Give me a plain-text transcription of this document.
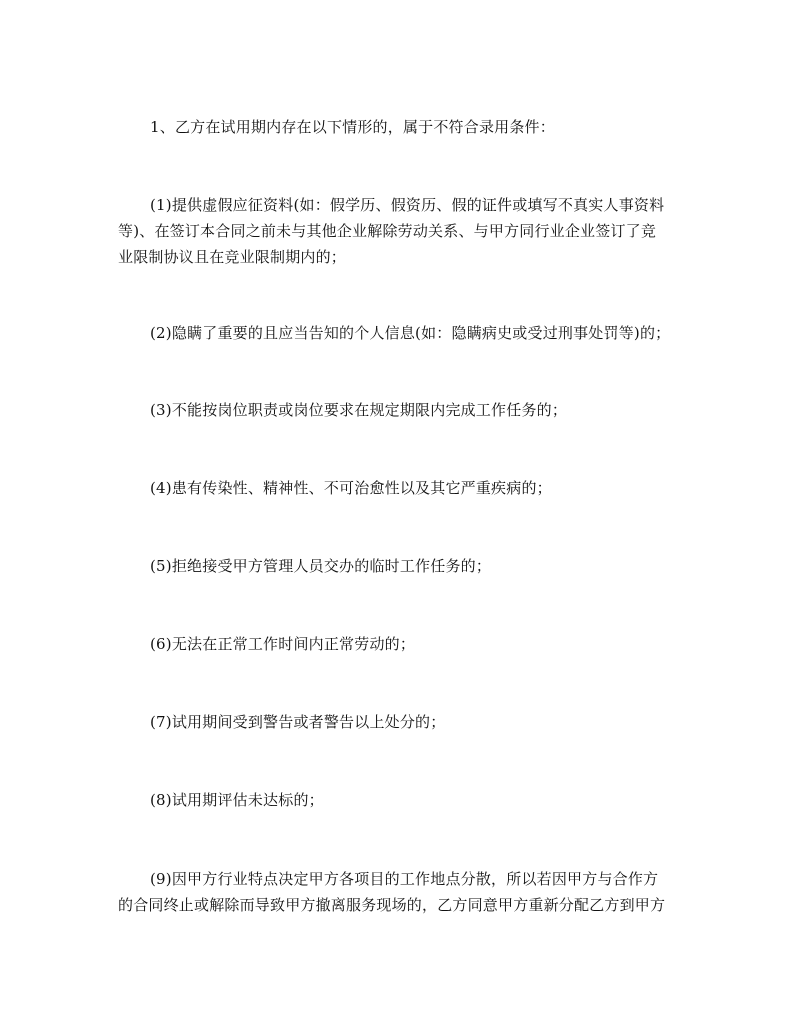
1、乙方在试用期内存在以下情形的，属于不符合录用条件：
(1)提供虚假应征资料(如：假学历、假资历、假的证件或填写不真实人事资料
等)、在签订本合同之前未与其他企业解除劳动关系、与甲方同行业企业签订了竞
业限制协议且在竞业限制期内的；
(2)隐瞒了重要的且应当告知的个人信息(如：隐瞒病史或受过刑事处罚等)的；
(3)不能按岗位职责或岗位要求在规定期限内完成工作任务的；
(4)患有传染性、精神性、不可治愈性以及其它严重疾病的；
(5)拒绝接受甲方管理人员交办的临时工作任务的；
(6)无法在正常工作时间内正常劳动的；
(7)试用期间受到警告或者警告以上处分的；
(8)试用期评估未达标的；
(9)因甲方行业特点决定甲方各项目的工作地点分散，所以若因甲方与合作方
的合同终止或解除而导致甲方撤离服务现场的，乙方同意甲方重新分配乙方到甲方
